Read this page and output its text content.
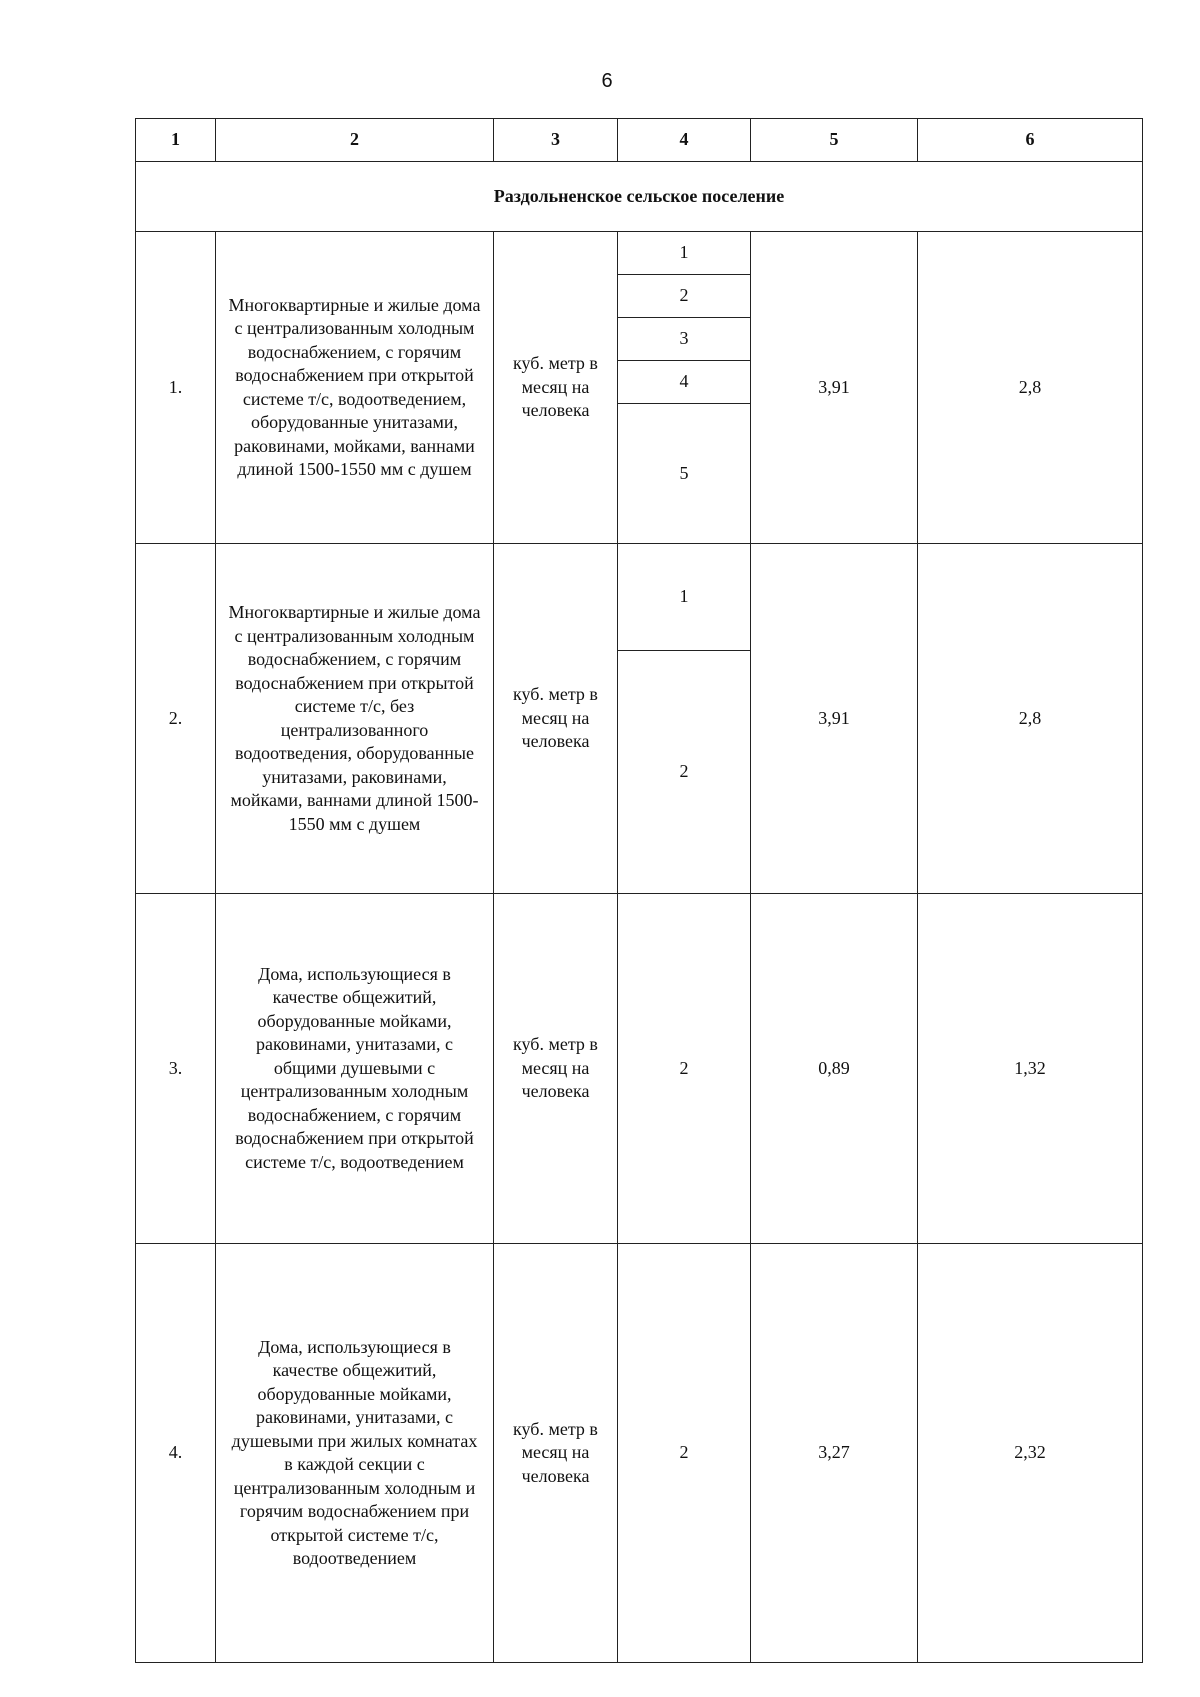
6
1	2	3	4	5	6
Раздольненское сельское поселение					
1.	Многоквартирные и жилые дома с централизованным холодным водоснабжением, с горячим водоснабжением при открытой системе т/с, водоотведением, оборудованные унитазами, раковинами, мойками, ваннами длиной 1500-1550 мм с душем	куб. метр в месяц на человека	1	3,91	2,8
			2		
			3		
			4		
			5		
2.	Многоквартирные и жилые дома с централизованным холодным водоснабжением, с горячим водоснабжением при открытой системе т/с, без централизованного водоотведения, оборудованные унитазами, раковинами, мойками, ваннами длиной 1500-1550 мм с душем	куб. метр в месяц на человека	1	3,91	2,8
			2		
3.	Дома, использующиеся в качестве общежитий, оборудованные мойками, раковинами, унитазами, с общими душевыми с централизованным холодным водоснабжением, с горячим водоснабжением при открытой системе т/с, водоотведением	куб. метр в месяц на человека	2	0,89	1,32
4.	Дома, использующиеся в качестве общежитий, оборудованные мойками, раковинами, унитазами, с душевыми при жилых комнатах в каждой секции с централизованным холодным и горячим водоснабжением при открытой системе т/с, водоотведением	куб. метр в месяц на человека	2	3,27	2,32
